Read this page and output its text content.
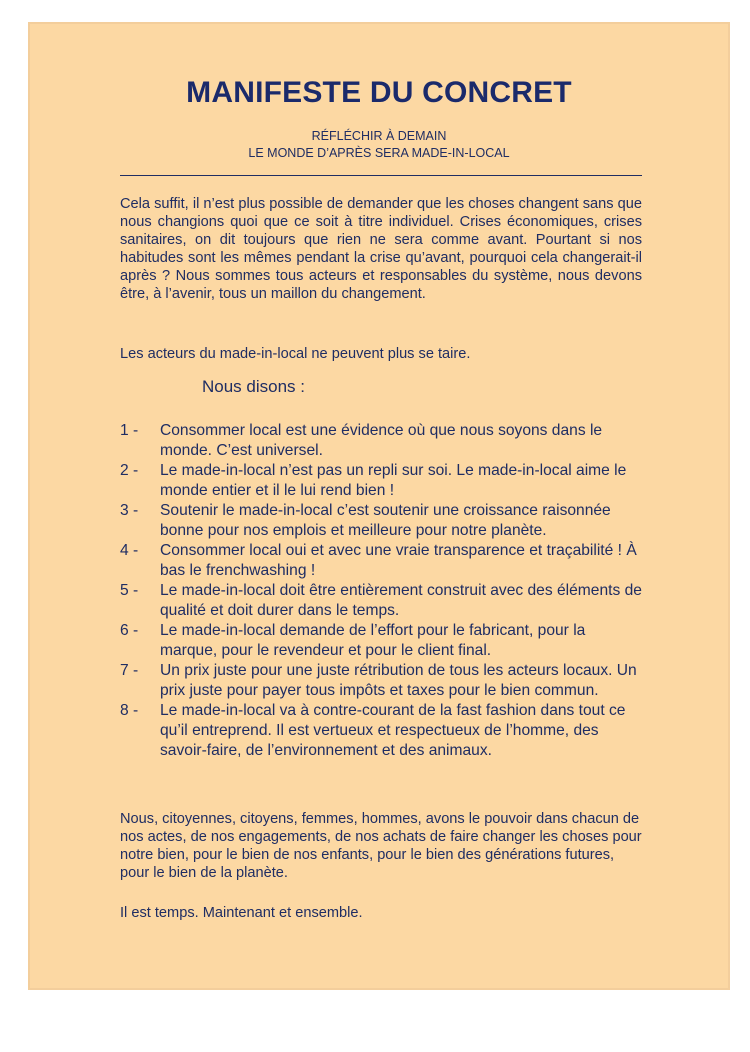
MANIFESTE DU CONCRET
RÉFLÉCHIR À DEMAIN
LE MONDE D’APRÈS SERA MADE-IN-LOCAL
Cela suffit, il n’est plus possible de demander que les choses changent sans que nous changions quoi que ce soit à titre individuel. Crises économiques, crises sanitaires, on dit toujours que rien ne sera comme avant. Pourtant si nos habitudes sont les mêmes pendant la crise qu’avant, pourquoi cela changerait-il après ? Nous sommes tous acteurs et responsables du système, nous devons être, à l’avenir, tous un maillon du changement.
Les acteurs du made-in-local ne peuvent plus se taire.
Nous disons :
1 - Consommer local est une évidence où que nous soyons dans le monde. C’est universel.
2 - Le made-in-local n’est pas un repli sur soi. Le made-in-local aime le monde entier et il le lui rend bien !
3 - Soutenir le made-in-local c’est soutenir une croissance raisonnée bonne pour nos emplois et meilleure pour notre planète.
4 - Consommer local oui et avec une vraie transparence et traçabilité ! À bas le frenchwashing !
5 - Le made-in-local doit être entièrement construit avec des éléments de qualité et doit durer dans le temps.
6 - Le made-in-local demande de l’effort pour le fabricant, pour la marque, pour le revendeur et pour le client final.
7 - Un prix juste pour une juste rétribution de tous les acteurs locaux. Un prix juste pour payer tous impôts et taxes pour le bien commun.
8 - Le made-in-local va à contre-courant de la fast fashion dans tout ce qu’il entreprend. Il est vertueux et respectueux de l’homme, des savoir-faire, de l’environnement et des animaux.
Nous, citoyennes, citoyens, femmes, hommes, avons le pouvoir dans chacun de nos actes, de nos engagements, de nos achats de faire changer les choses pour notre bien, pour le bien de nos enfants, pour le bien des générations futures, pour le bien de la planète.
Il est temps. Maintenant et ensemble.
